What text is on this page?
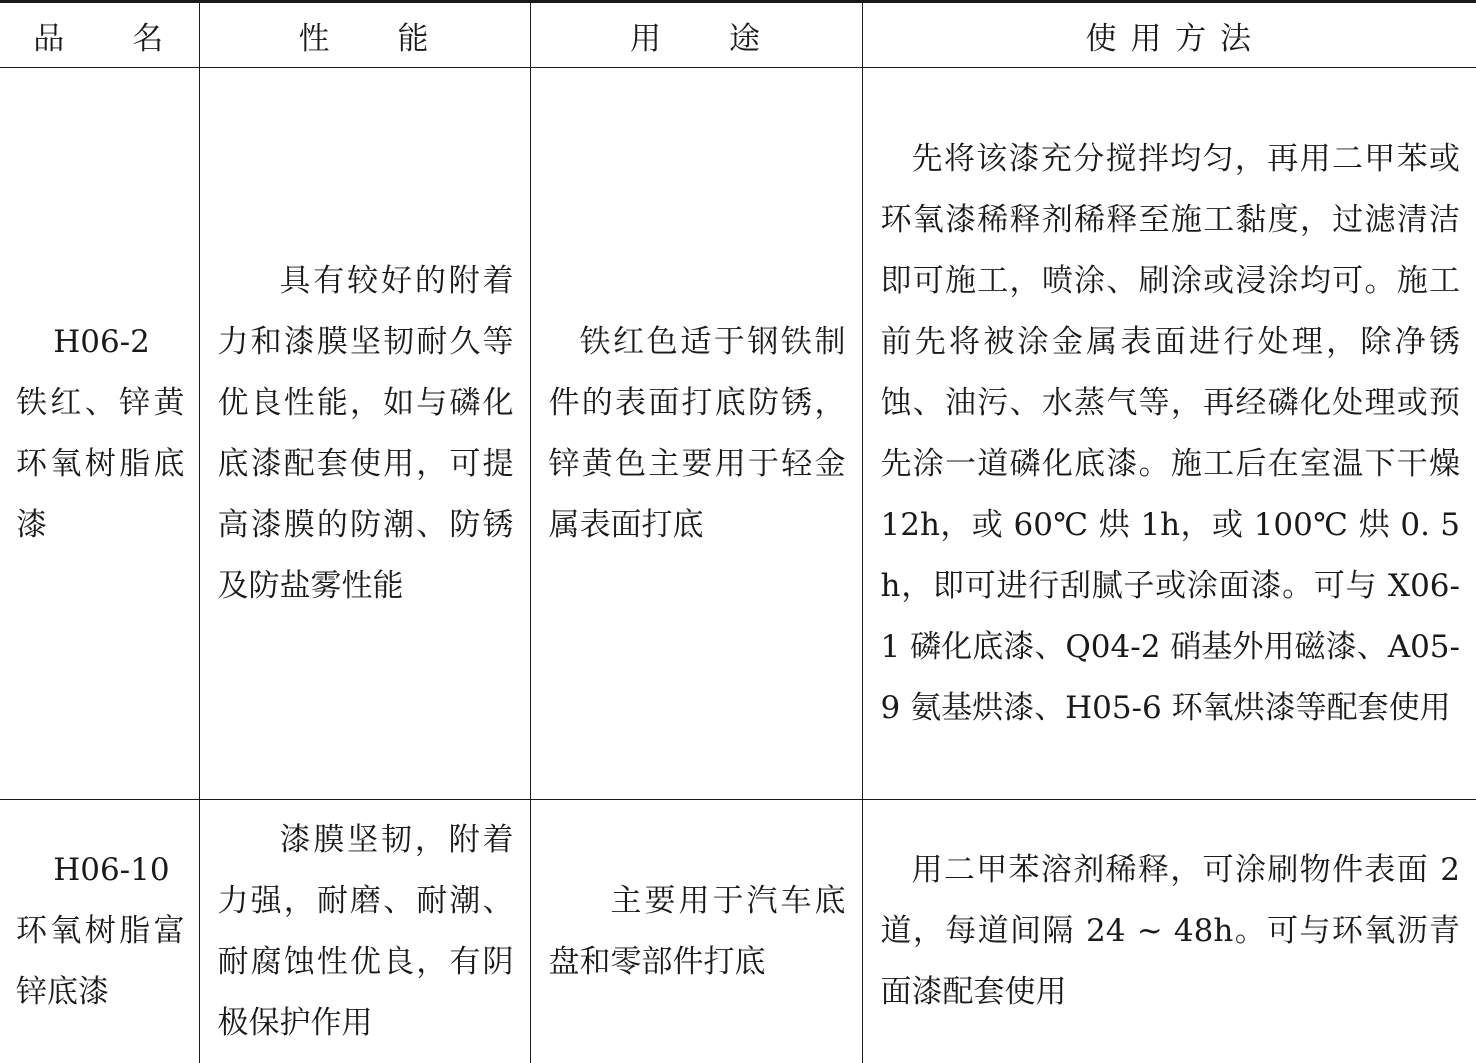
品　　名	性　　能	用　　途	使 用 方 法

H06-2 铁红、锌黄环氧树脂底漆	具有较好的附着力和漆膜坚韧耐久等优良性能，如与磷化底漆配套使用，可提高漆膜的防潮、防锈及防盐雾性能	铁红色适于钢铁制件的表面打底防锈，锌黄色主要用于轻金属表面打底	先将该漆充分搅拌均匀，再用二甲苯或环氧漆稀释剂稀释至施工黏度，过滤清洁即可施工，喷涂、刷涂或浸涂均可。施工前先将被涂金属表面进行处理，除净锈蚀、油污、水蒸气等，再经磷化处理或预先涂一道磷化底漆。施工后在室温下干燥 12h，或 60℃ 烘 1h，或 100℃ 烘 0. 5h，即可进行刮腻子或涂面漆。可与 X06-1 磷化底漆、Q04-2 硝基外用磁漆、A05-9 氨基烘漆、H05-6 环氧烘漆等配套使用

H06-10 环氧树脂富锌底漆	漆膜坚韧，附着力强，耐磨、耐潮、耐腐蚀性优良，有阴极保护作用	主要用于汽车底盘和零部件打底	用二甲苯溶剂稀释，可涂刷物件表面 2 道，每道间隔 24 ~ 48h。可与环氧沥青面漆配套使用
